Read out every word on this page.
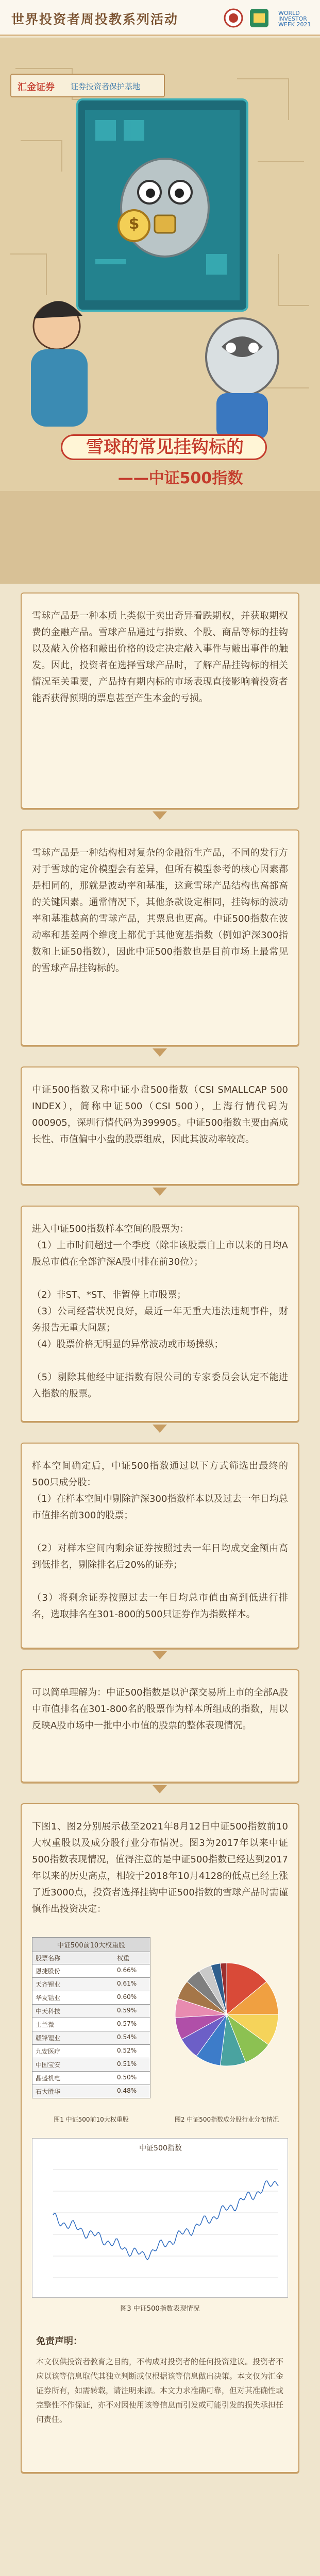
世界投资者周投教系列活动	WORLD INVESTOR WEEK 2021
雪球的常见挂钩标的
——中证500指数
$
汇金证券 证券投资者保护基地
雪球产品是一种本质上类似于卖出奇异看跌期权，并获取期权费的金融产品。雪球产品通过与指数、个股、商品等标的挂钩以及敲入价格和敲出价格的设定决定敲入事件与敲出事件的触发。因此，投资者在选择雪球产品时，了解产品挂钩标的相关情况至关重要，产品持有期内标的市场表现直接影响着投资者能否获得预期的票息甚至产生本金的亏损。
雪球产品是一种结构相对复杂的金融衍生产品，不同的发行方对于雪球的定价模型会有差异，但所有模型参考的核心因素都是相同的，那就是波动率和基准，这意雪球产品结构也高都高的关键因素。通常情况下，其他条款设定相同，挂钩标的波动率和基准越高的雪球产品，其票息也更高。中证500指数在波动率和基差两个维度上都优于其他宽基指数（例如沪深300指数和上证50指数），因此中证500指数也是目前市场上最常见的雪球产品挂钩标的。
中证500指数又称中证小盘500指数（CSI SMALLCAP 500 INDEX），简称中证500（CSI 500），上海行情代码为000905，深圳行情代码为399905。中证500指数主要由高成长性、市值偏中小盘的股票组成，因此其波动率较高。
进入中证500指数样本空间的股票为：
（1）上市时间超过一个季度（除非该股票自上市以来的日均A股总市值在全部沪深A股中排在前30位）；
（2）非ST、*ST、非暂停上市股票；
（3）公司经营状况良好，最近一年无重大违法违规事件，财务报告无重大问题；
（4）股票价格无明显的异常波动或市场操纵；
（5）剔除其他经中证指数有限公司的专家委员会认定不能进入指数的股票。
样本空间确定后，中证500指数通过以下方式筛选出最终的500只成分股：
（1）在样本空间中剔除沪深300指数样本以及过去一年日均总市值排名前300的股票；
（2）对样本空间内剩余证券按照过去一年日均成交金额由高到低排名，剔除排名后20%的证券；
（3）将剩余证券按照过去一年日均总市值由高到低进行排名，选取排名在301-800的500只证券作为指数样本。
可以简单理解为：中证500指数是以沪深交易所上市的全部A股中市值排名在301-800名的股票作为样本所组成的指数，用以反映A股市场中一批中小市值的股票的整体表现情况。
下图1、图2分别展示截至2021年8月12日中证500指数前10大权重股以及成分股行业分布情况。图3为2017年以来中证500指数表现情况，值得注意的是中证500指数已经达到2017年以来的历史高点，相较于2018年10月4128的低点已经上涨了近3000点，投资者选择挂钩中证500指数的雪球产品时需谨慎作出投资决定：
中证500前10大权重股
股票名称	权重
恩捷股份	0.66%
天齐锂业	0.61%
华友钴业	0.60%
中天科技	0.59%
士兰微	0.57%
赣锋锂业	0.54%
九安医疗	0.52%
中国宝安	0.51%
晶盛机电	0.50%
石大胜华	0.48%
图1 中证500前10大权重股	图2 中证500指数成分股行业分布情况
中证500指数
图3 中证500指数表现情况
免责声明：
本文仅供投资者教育之目的，不构成对投资者的任何投资建议。投资者不应以该等信息取代其独立判断或仅根据该等信息做出决策。本文仅为汇金证券所有，如需转载，请注明来源。本文力求准确可靠，但对其准确性或完整性不作保证，亦不对因使用该等信息而引发或可能引发的损失承担任何责任。
